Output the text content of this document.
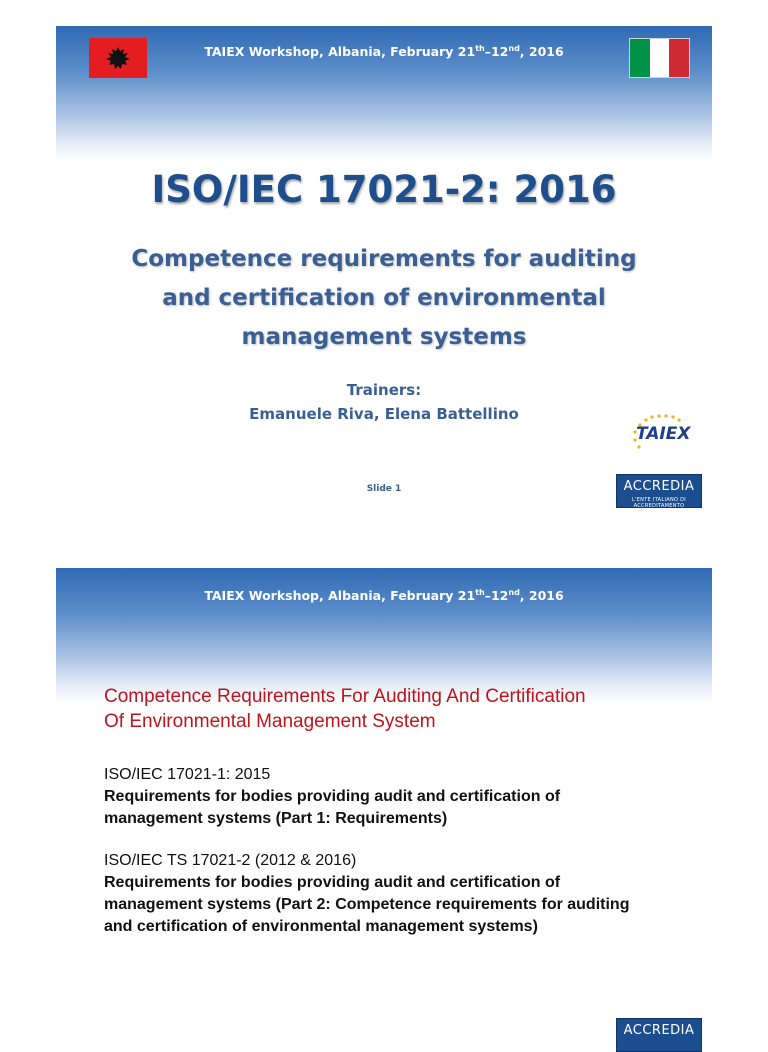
TAIEX Workshop, Albania, February 21th–12nd, 2016
ISO/IEC 17021-2: 2016
Competence requirements for auditing
and certification of environmental
management systems
Trainers:
Emanuele Riva, Elena Battellino
Slide 1
TAIEX
ACCREDIA
L'ENTE ITALIANO DI ACCREDITAMENTO
TAIEX Workshop, Albania, February 21th–12nd, 2016
Competence Requirements For Auditing And Certification
Of Environmental Management System
ISO/IEC 17021-1: 2015
Requirements for bodies providing audit and certification of
management systems (Part 1: Requirements)
ISO/IEC TS 17021-2 (2012 & 2016)
Requirements for bodies providing audit and certification of
management systems (Part 2: Competence requirements for auditing
and certification of environmental management systems)
ACCREDIA
